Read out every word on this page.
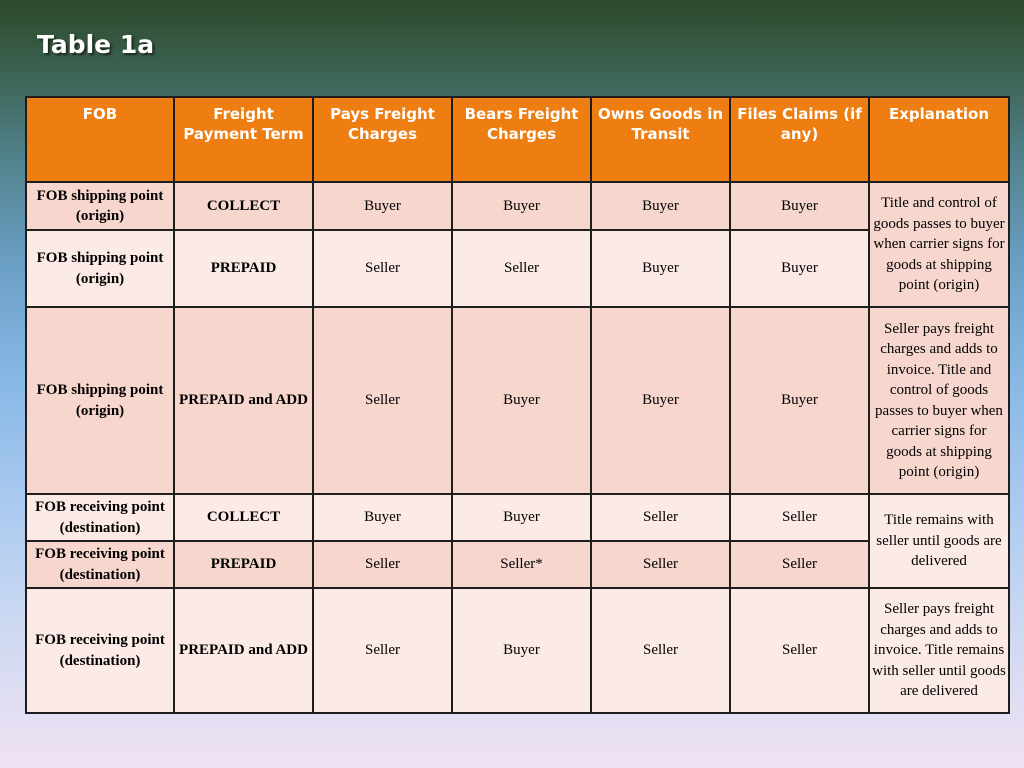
Table 1a
FOB	Freight Payment Term	Pays Freight Charges	Bears Freight Charges	Owns Goods in Transit	Files Claims (if any)	Explanation
FOB shipping point (origin)	COLLECT	Buyer	Buyer	Buyer	Buyer	Title and control of goods passes to buyer when carrier signs for goods at shipping point (origin)
FOB shipping point (origin)	PREPAID	Seller	Seller	Buyer	Buyer	
FOB shipping point (origin)	PREPAID and ADD	Seller	Buyer	Buyer	Buyer	Seller pays freight charges and adds to invoice. Title and control of goods passes to buyer when carrier signs for goods at shipping point (origin)
FOB receiving point (destination)	COLLECT	Buyer	Buyer	Seller	Seller	Title remains with seller until goods are delivered
FOB receiving point (destination)	PREPAID	Seller	Seller*	Seller	Seller	
FOB receiving point (destination)	PREPAID and ADD	Seller	Buyer	Seller	Seller	Seller pays freight charges and adds to invoice. Title remains with seller until goods are delivered
